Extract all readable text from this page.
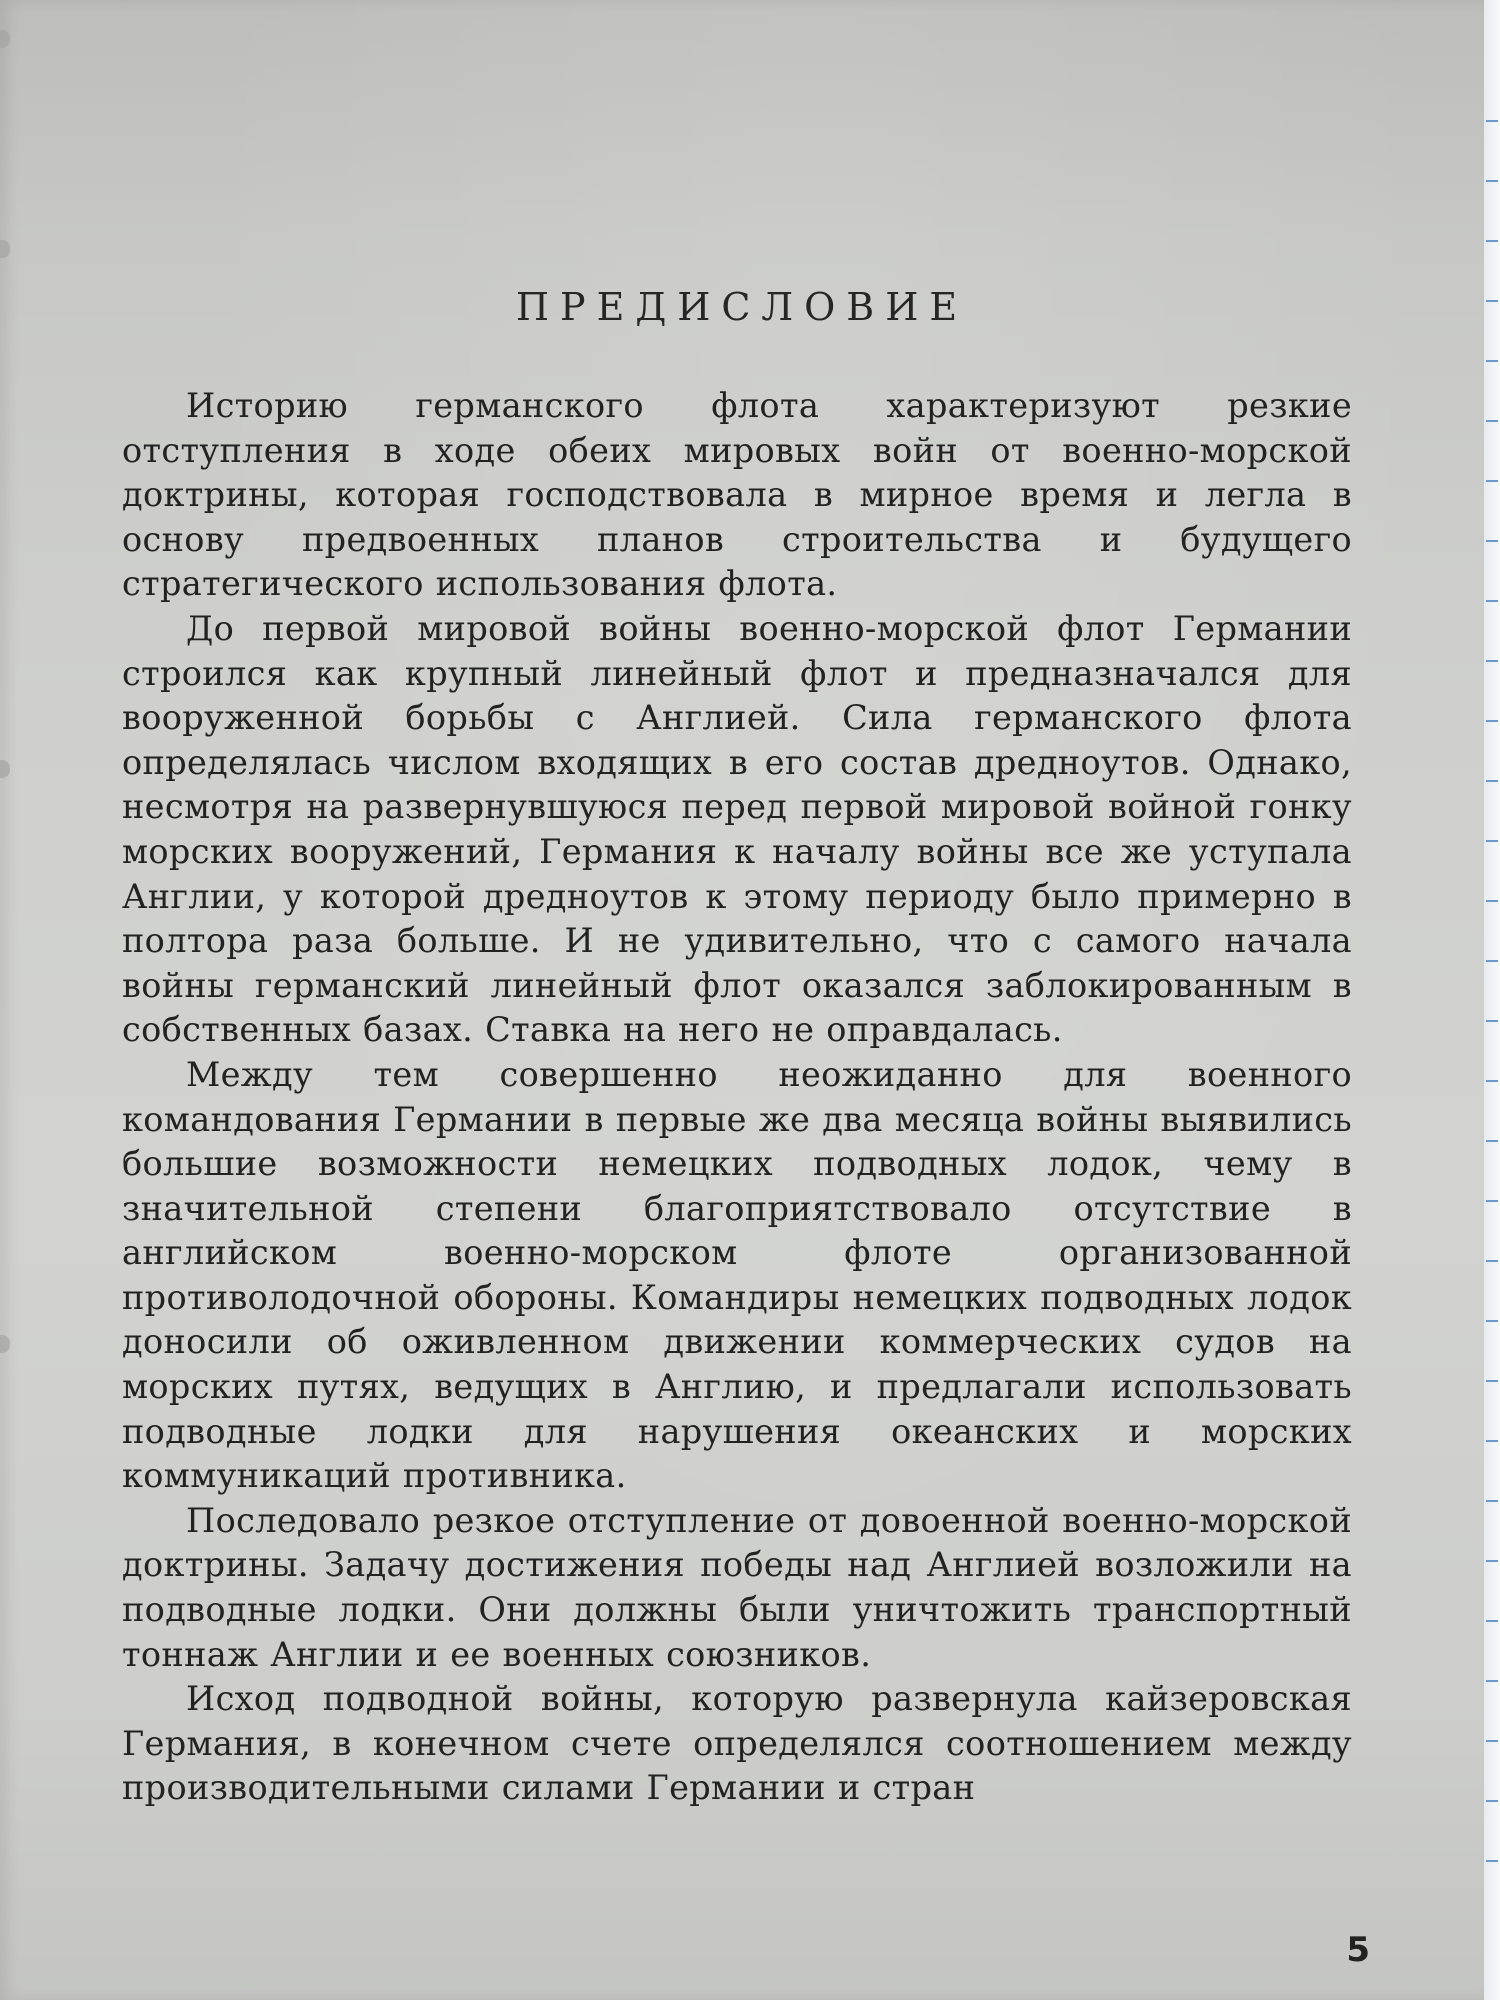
ПРЕДИСЛОВИЕ

Историю германского флота характеризуют резкие отступления в ходе обеих мировых войн от военно-морской доктрины, которая господствовала в мирное время и легла в основу предвоенных планов строительства и будущего стратегического использования флота.

До первой мировой войны военно-морской флот Германии строился как крупный линейный флот и предназначался для вооруженной борьбы с Англией. Сила германского флота определялась числом входящих в его состав дредноутов. Однако, несмотря на развернувшуюся перед первой мировой войной гонку морских вооружений, Германия к началу войны все же уступала Англии, у которой дредноутов к этому периоду было примерно в полтора раза больше. И не удивительно, что с самого начала войны германский линейный флот оказался заблокированным в собственных базах. Ставка на него не оправдалась.

Между тем совершенно неожиданно для военного командования Германии в первые же два месяца войны выявились большие возможности немецких подводных лодок, чему в значительной степени благоприятствовало отсутствие в английском военно-морском флоте организованной противолодочной обороны. Командиры немецких подводных лодок доносили об оживленном движении коммерческих судов на морских путях, ведущих в Англию, и предлагали использовать подводные лодки для нарушения океанских и морских коммуникаций противника.

Последовало резкое отступление от довоенной военно-морской доктрины. Задачу достижения победы над Англией возложили на подводные лодки. Они должны были уничтожить транспортный тоннаж Англии и ее военных союзников.

Исход подводной войны, которую развернула кайзеровская Германия, в конечном счете определялся соотношением между производительными силами Германии и стран

5
